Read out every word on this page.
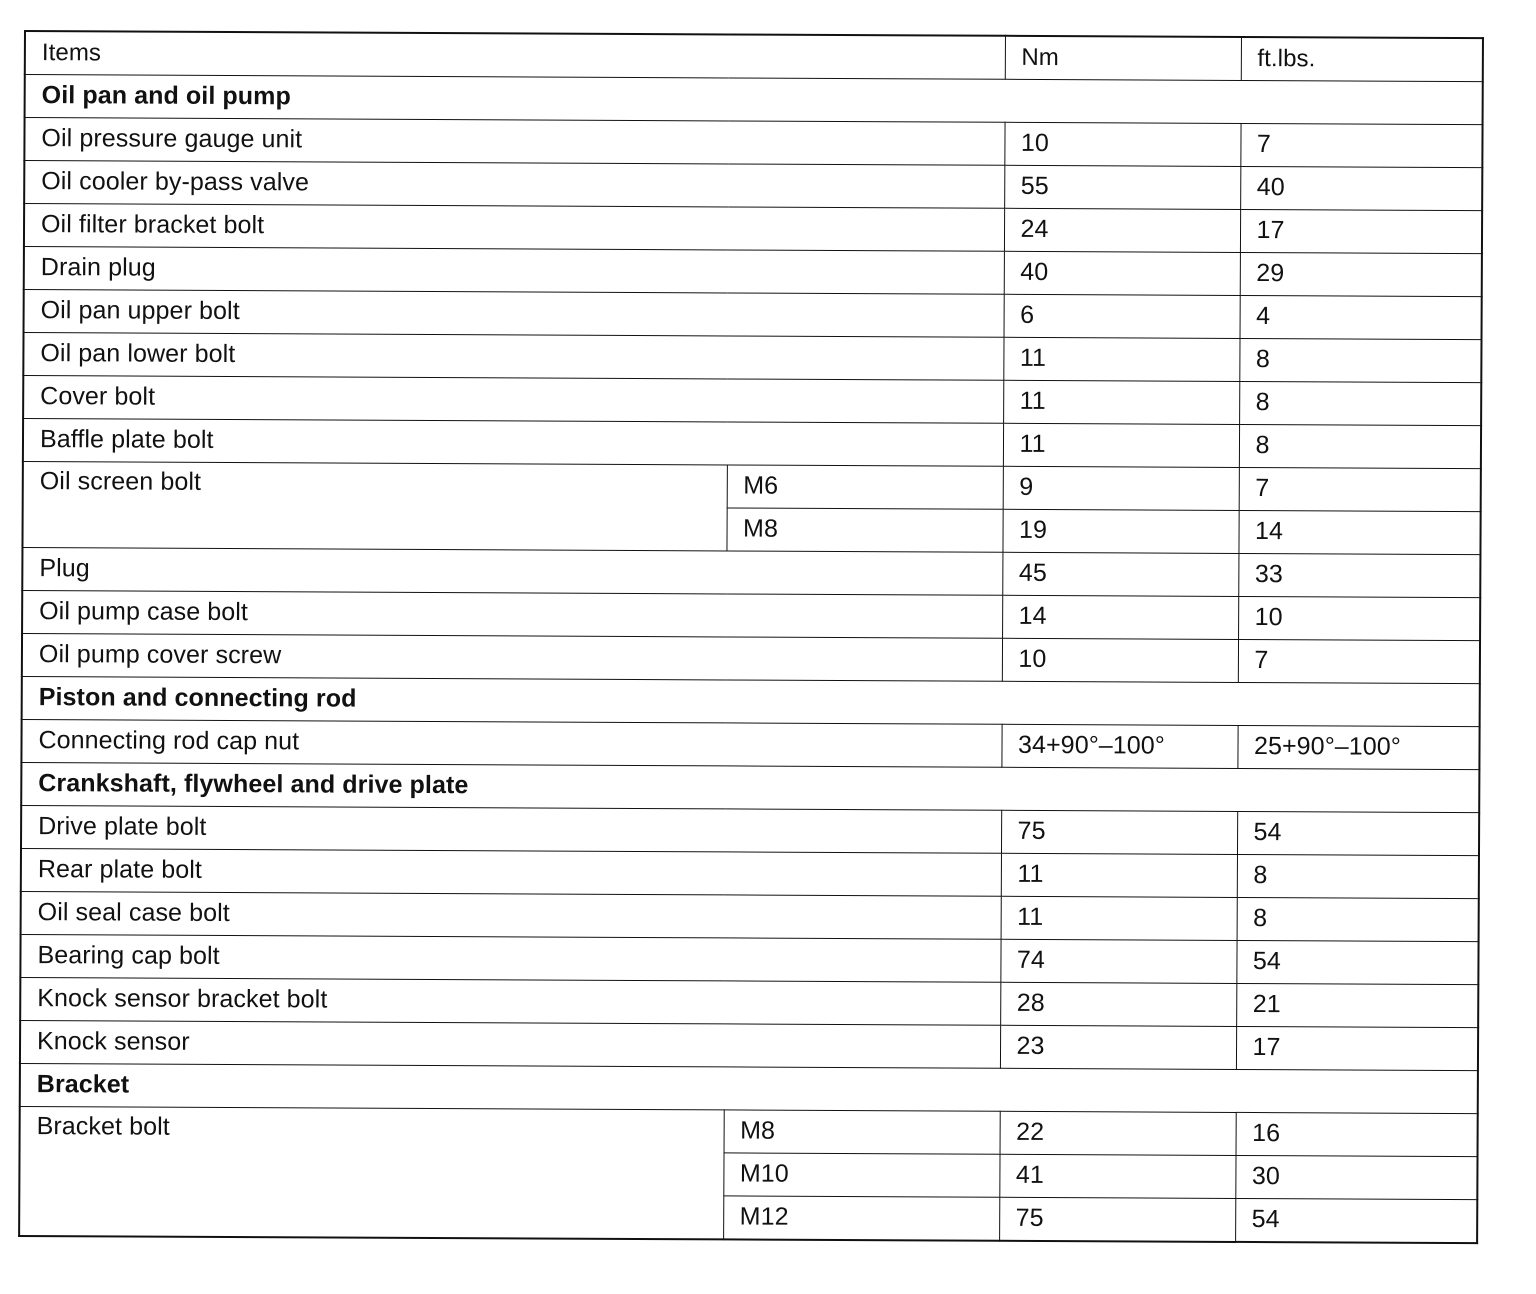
Items		Nm	ft.lbs.
Oil pan and oil pump			
Oil pressure gauge unit		10	7
Oil cooler by-pass valve		55	40
Oil filter bracket bolt		24	17
Drain plug		40	29
Oil pan upper bolt		6	4
Oil pan lower bolt		11	8
Cover bolt		11	8
Baffle plate bolt		11	8
Oil screen bolt	M6	9	7
	M8	19	14
Plug		45	33
Oil pump case bolt		14	10
Oil pump cover screw		10	7
Piston and connecting rod			
Connecting rod cap nut		34+90°–100°	25+90°–100°
Crankshaft, flywheel and drive plate			
Drive plate bolt		75	54
Rear plate bolt		11	8
Oil seal case bolt		11	8
Bearing cap bolt		74	54
Knock sensor bracket bolt		28	21
Knock sensor		23	17
Bracket			
Bracket bolt	M8	22	16
	M10	41	30
	M12	75	54
